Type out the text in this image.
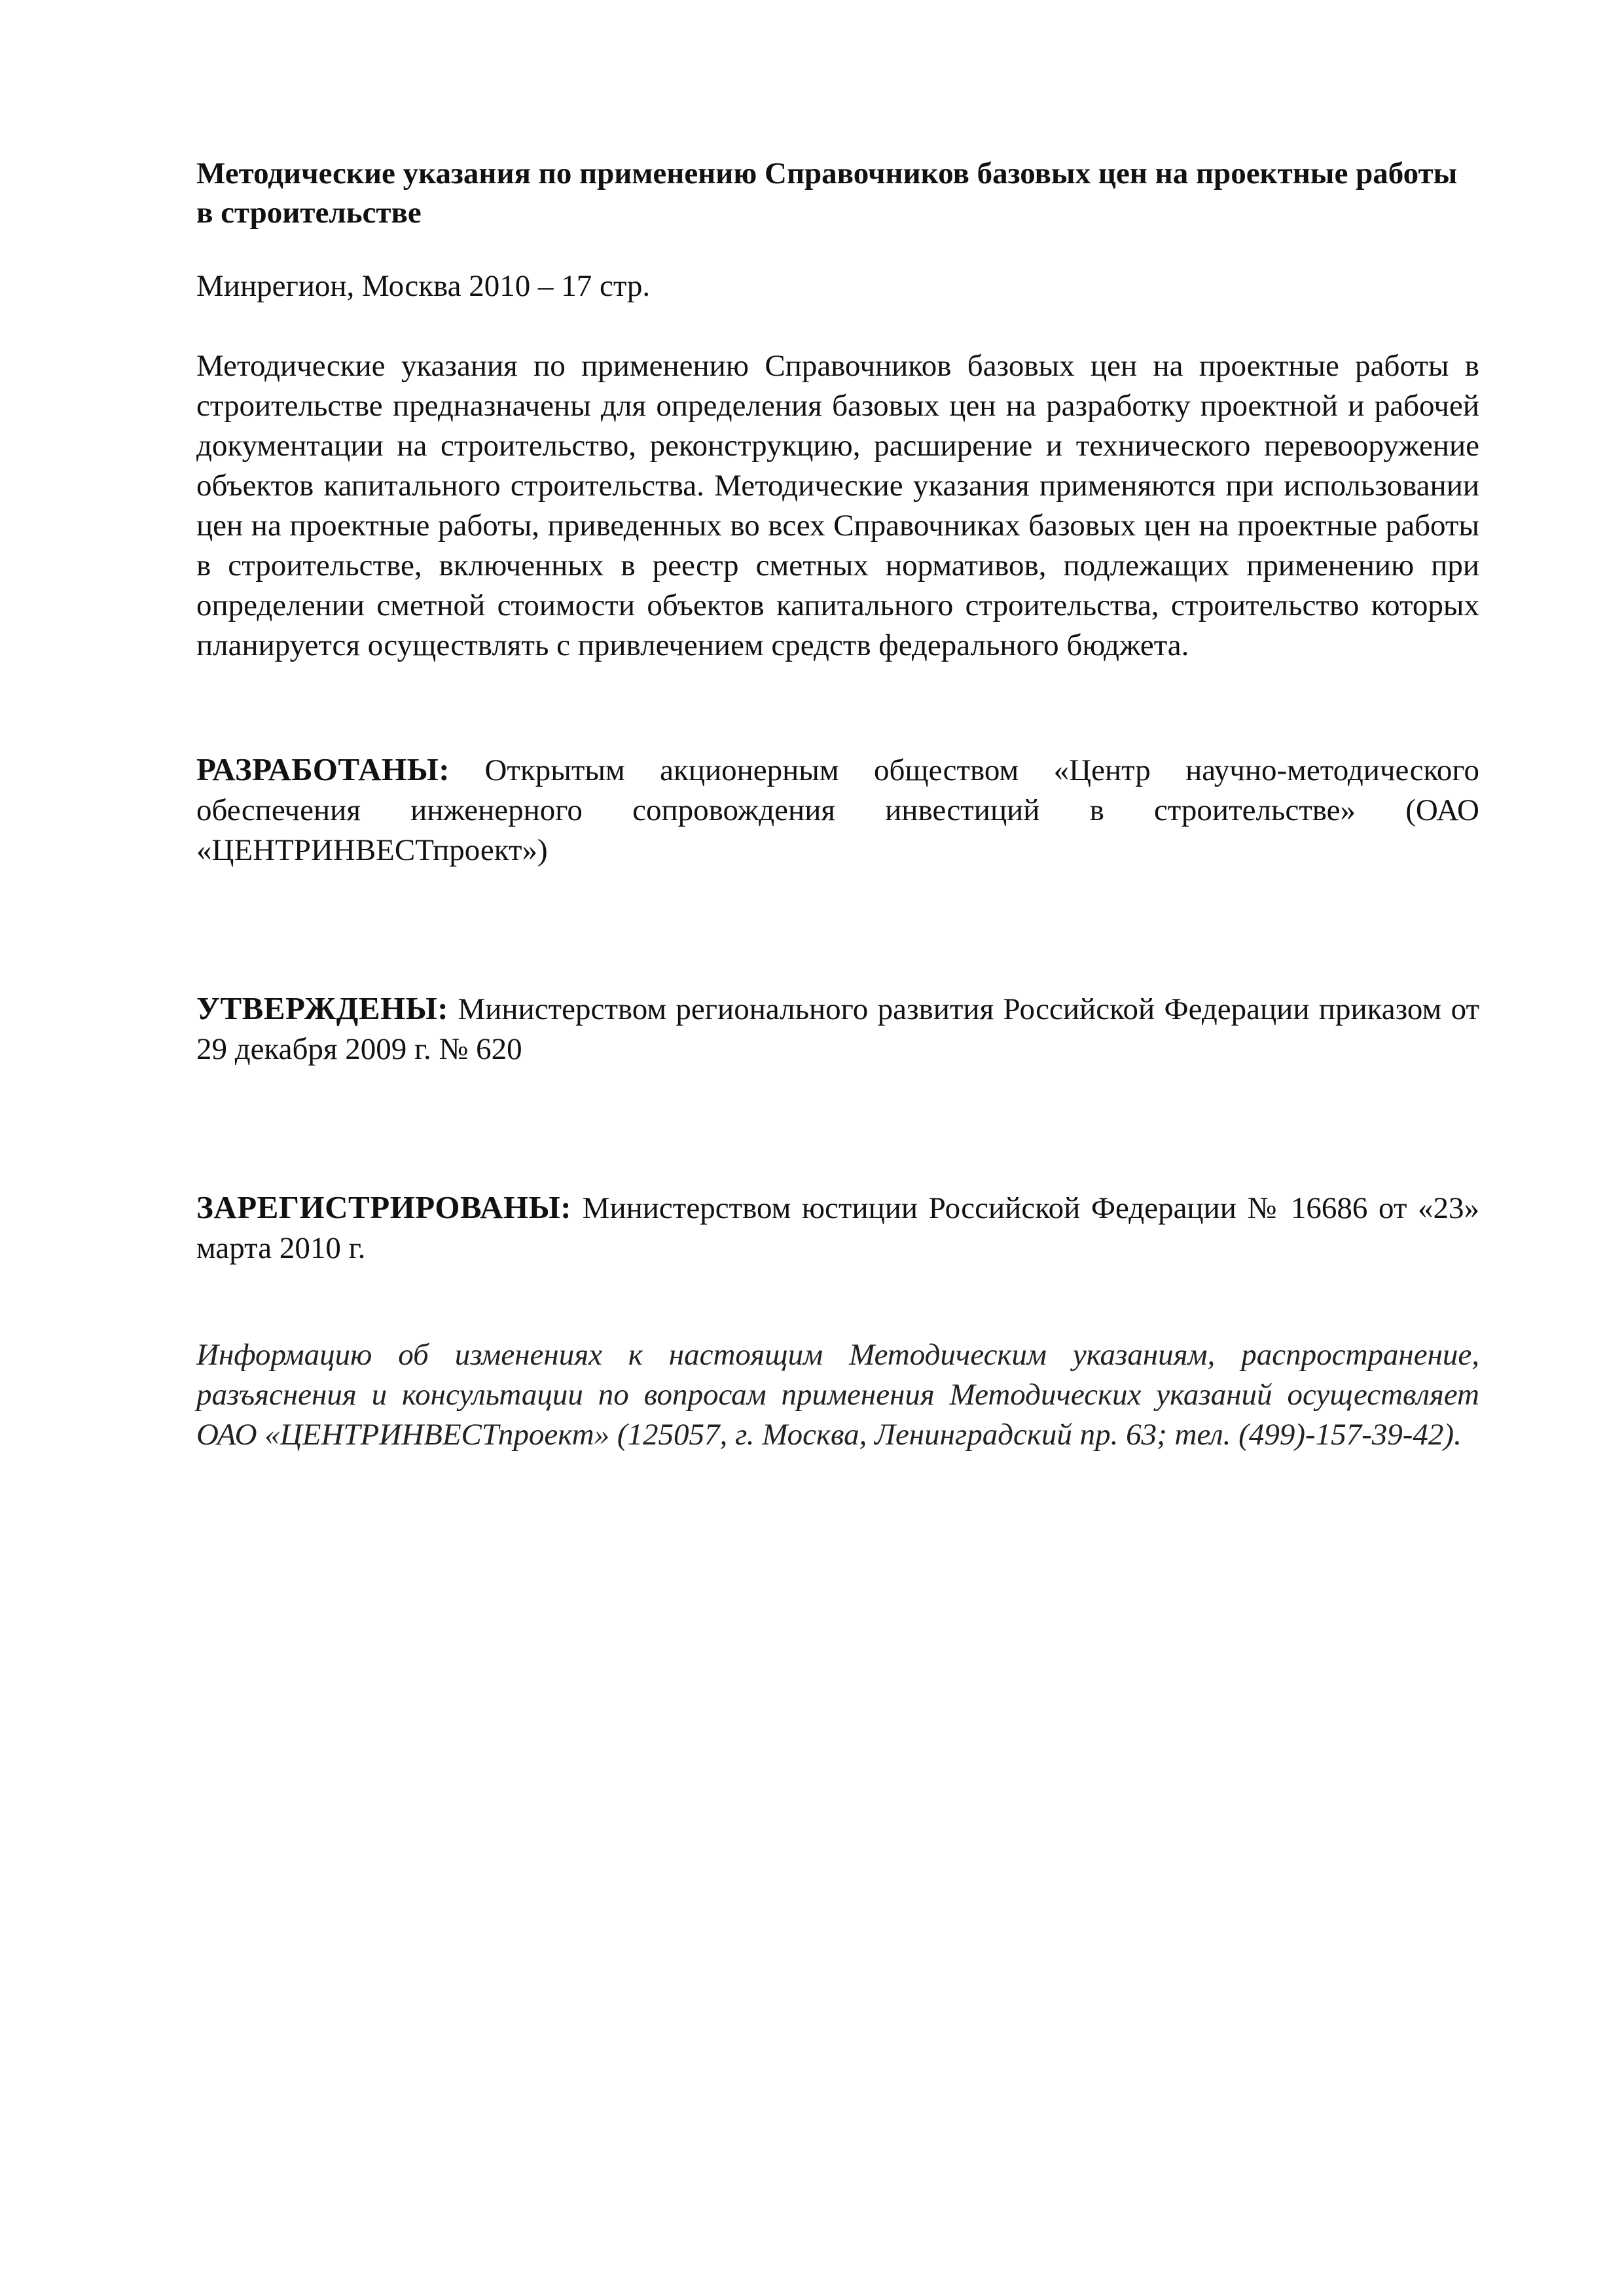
Методические указания по применению Справочников базовых цен на проектные работы в строительстве

Минрегион, Москва 2010 – 17 стр.

Методические указания по применению Справочников базовых цен на проектные работы в строительстве предназначены для определения базовых цен на разработку проектной и рабочей документации на строительство, реконструкцию, расширение и технического перевооружение объектов капитального строительства. Методические указания применяются при использовании цен на проектные работы, приведенных во всех Справочниках базовых цен на проектные работы в строительстве, включенных в реестр сметных нормативов, подлежащих применению при определении сметной стоимости объектов капитального строительства, строительство которых планируется осуществлять с привлечением средств федерального бюджета.

РАЗРАБОТАНЫ: Открытым акционерным обществом «Центр научно-методического обеспечения инженерного сопровождения инвестиций в строительстве» (ОАО «ЦЕНТРИНВЕСТпроект»)

УТВЕРЖДЕНЫ: Министерством регионального развития Российской Федерации приказом от 29 декабря 2009 г. № 620

ЗАРЕГИСТРИРОВАНЫ: Министерством юстиции Российской Федерации № 16686 от «23» марта 2010 г.

Информацию об изменениях к настоящим Методическим указаниям, распространение, разъяснения и консультации по вопросам применения Методических указаний осуществляет ОАО «ЦЕНТРИНВЕСТпроект» (125057, г. Москва, Ленинградский пр. 63; тел. (499)-157-39-42).
